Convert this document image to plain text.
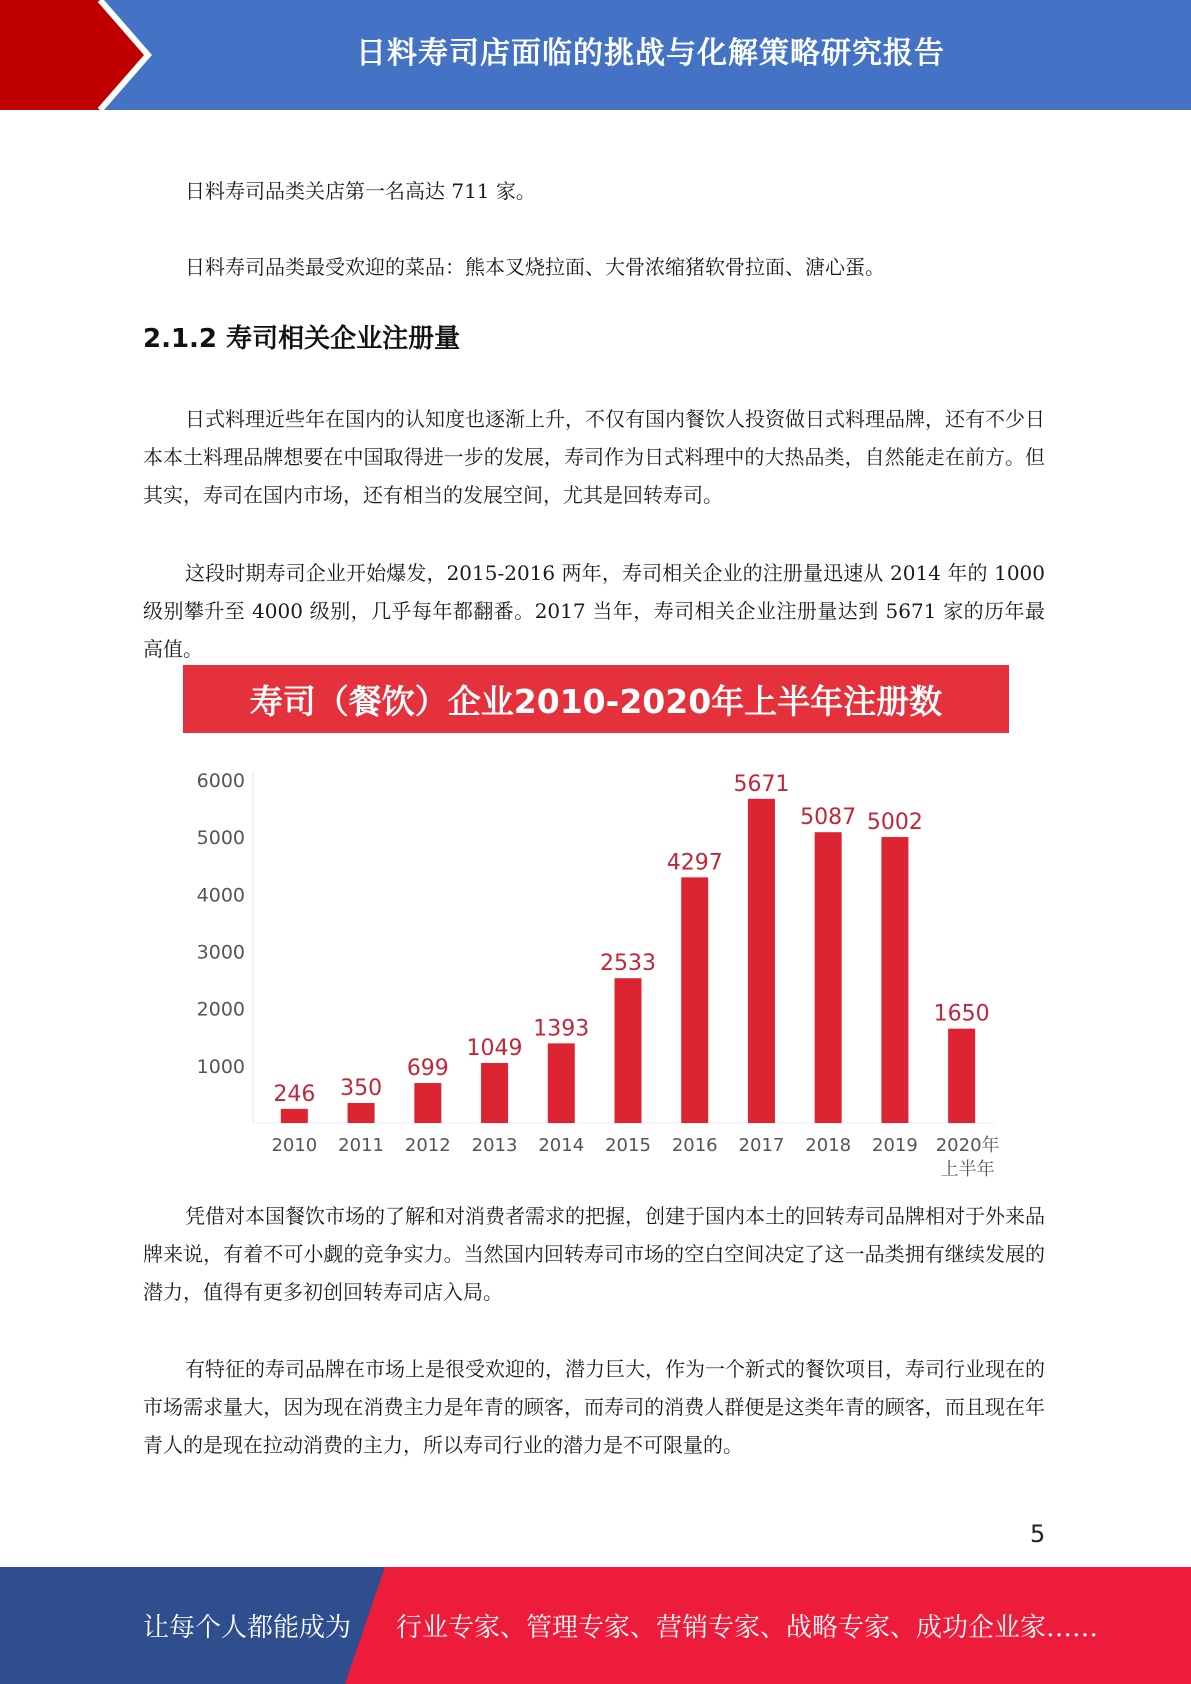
日料寿司店面临的挑战与化解策略研究报告

日料寿司品类关店第一名高达 711 家。

日料寿司品类最受欢迎的菜品：熊本叉烧拉面、大骨浓缩猪软骨拉面、溏心蛋。

2.1.2 寿司相关企业注册量

日式料理近些年在国内的认知度也逐渐上升，不仅有国内餐饮人投资做日式料理品牌，还有不少日本本土料理品牌想要在中国取得进一步的发展，寿司作为日式料理中的大热品类，自然能走在前方。但其实，寿司在国内市场，还有相当的发展空间，尤其是回转寿司。

这段时期寿司企业开始爆发，2015-2016 两年，寿司相关企业的注册量迅速从 2014 年的 1000 级别攀升至 4000 级别，几乎每年都翻番。2017 当年，寿司相关企业注册量达到 5671 家的历年最高值。

寿司（餐饮）企业2010-2020年上半年注册数
1000
2000
3000
4000
5000
6000
246
2010
350
2011
699
2012
1049
2013
1393
2014
2533
2015
4297
2016
5671
2017
5087
2018
5002
2019
1650
2020年
上半年

凭借对本国餐饮市场的了解和对消费者需求的把握，创建于国内本土的回转寿司品牌相对于外来品牌来说，有着不可小觑的竞争实力。当然国内回转寿司市场的空白空间决定了这一品类拥有继续发展的潜力，值得有更多初创回转寿司店入局。

有特征的寿司品牌在市场上是很受欢迎的，潜力巨大，作为一个新式的餐饮项目，寿司行业现在的市场需求量大，因为现在消费主力是年青的顾客，而寿司的消费人群便是这类年青的顾客，而且现在年青人的是现在拉动消费的主力，所以寿司行业的潜力是不可限量的。

5
让每个人都能成为 行业专家、管理专家、营销专家、战略专家、成功企业家……
